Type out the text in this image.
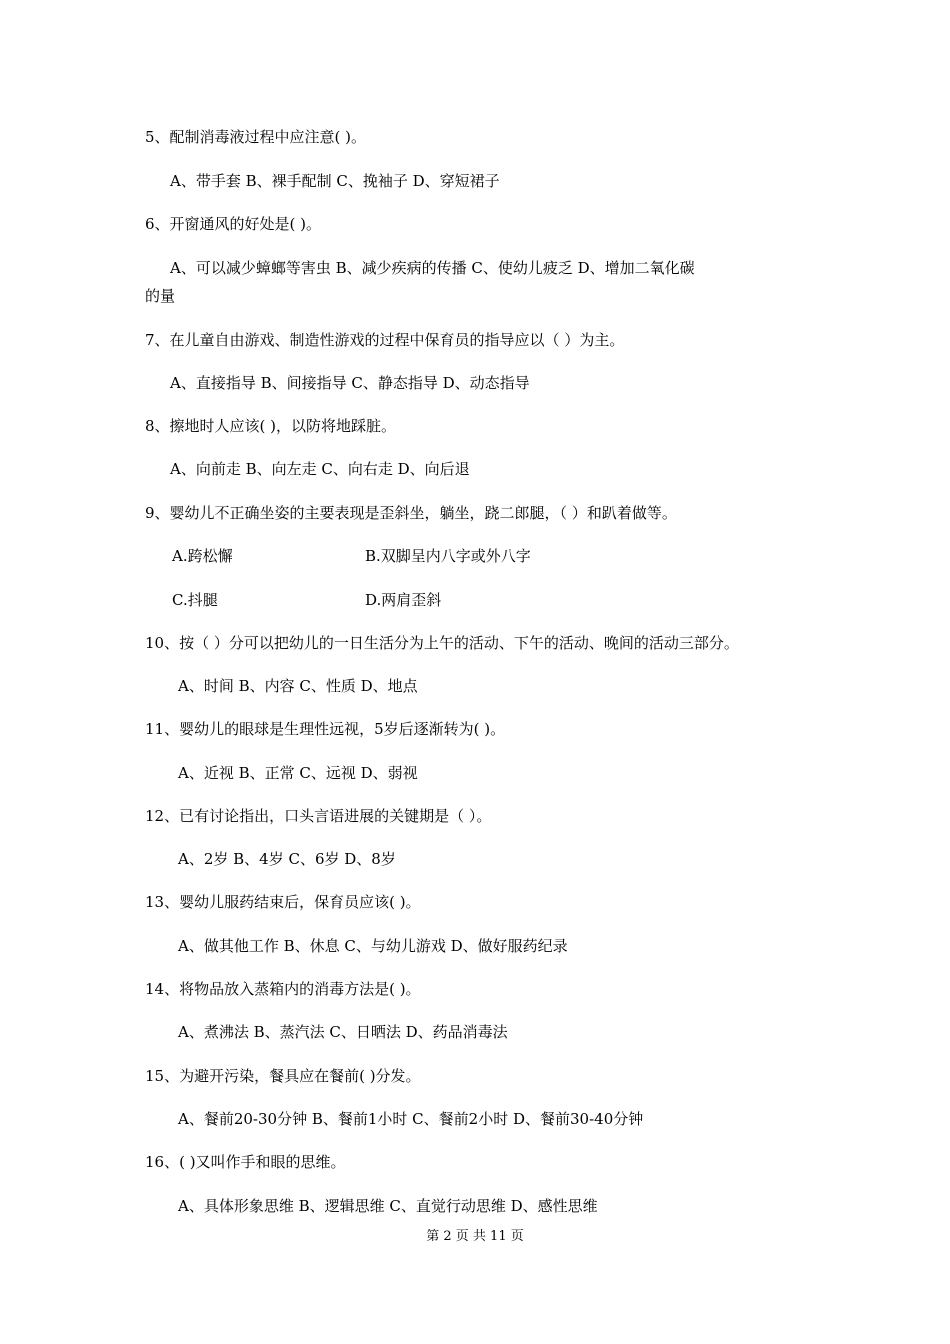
5、配制消毒液过程中应注意( )。
A、带手套 B、裸手配制 C、挽袖子 D、穿短裙子
6、开窗通风的好处是( )。
A、可以减少蟑螂等害虫 B、减少疾病的传播 C、使幼儿疲乏 D、增加二氧化碳
的量
7、在儿童自由游戏、制造性游戏的过程中保育员的指导应以（ ）为主。
A、直接指导 B、间接指导 C、静态指导 D、动态指导
8、擦地时人应该( )，以防将地踩脏。
A、向前走 B、向左走 C、向右走 D、向后退
9、婴幼儿不正确坐姿的主要表现是歪斜坐，躺坐，跷二郎腿，（ ）和趴着做等。
A.跨松懈	B.双脚呈内八字或外八字
C.抖腿	D.两肩歪斜
10、按（ ）分可以把幼儿的一日生活分为上午的活动、下午的活动、晚间的活动三部分。
A、时间 B、内容 C、性质 D、地点
11、婴幼儿的眼球是生理性远视，5岁后逐渐转为( )。
A、近视 B、正常 C、远视 D、弱视
12、已有讨论指出，口头言语进展的关键期是（ ）。
A、2岁 B、4岁 C、6岁 D、8岁
13、婴幼儿服药结束后，保育员应该( )。
A、做其他工作 B、休息 C、与幼儿游戏 D、做好服药纪录
14、将物品放入蒸箱内的消毒方法是( )。
A、煮沸法 B、蒸汽法 C、日晒法 D、药品消毒法
15、为避开污染，餐具应在餐前( )分发。
A、餐前20-30分钟 B、餐前1小时 C、餐前2小时 D、餐前30-40分钟
16、( )又叫作手和眼的思维。
A、具体形象思维 B、逻辑思维 C、直觉行动思维 D、感性思维
第 2 页 共 11 页
